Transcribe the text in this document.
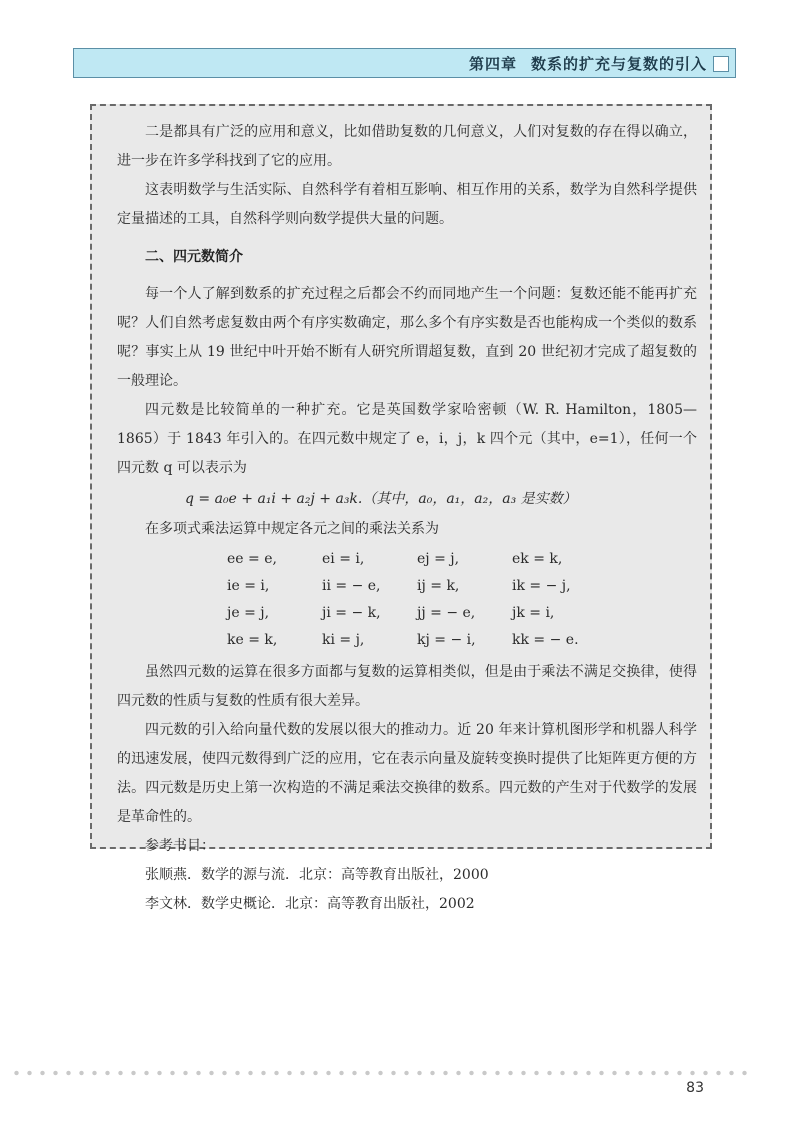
第四章 数系的扩充与复数的引入

二是都具有广泛的应用和意义，比如借助复数的几何意义，人们对复数的存在得以确立，进一步在许多学科找到了它的应用。

这表明数学与生活实际、自然科学有着相互影响、相互作用的关系，数学为自然科学提供定量描述的工具，自然科学则向数学提供大量的问题。

二、四元数简介

每一个人了解到数系的扩充过程之后都会不约而同地产生一个问题：复数还能不能再扩充呢？人们自然考虑复数由两个有序实数确定，那么多个有序实数是否也能构成一个类似的数系呢？事实上从 19 世纪中叶开始不断有人研究所谓超复数，直到 20 世纪初才完成了超复数的一般理论。

四元数是比较简单的一种扩充。它是英国数学家哈密顿（W. R. Hamilton，1805—1865）于 1843 年引入的。在四元数中规定了 e，i，j，k 四个元（其中，e=1），任何一个四元数 q 可以表示为

q = a₀e + a₁i + a₂j + a₃k.（其中，a₀，a₁，a₂，a₃ 是实数）

在多项式乘法运算中规定各元之间的乘法关系为

ee = e,	ei = i,	ej = j,	ek = k,
ie = i,	ii = − e,	ij = k,	ik = − j,
je = j,	ji = − k,	jj = − e,	jk = i,
ke = k,	ki = j,	kj = − i,	kk = − e.

虽然四元数的运算在很多方面都与复数的运算相类似，但是由于乘法不满足交换律，使得四元数的性质与复数的性质有很大差异。

四元数的引入给向量代数的发展以很大的推动力。近 20 年来计算机图形学和机器人科学的迅速发展，使四元数得到广泛的应用，它在表示向量及旋转变换时提供了比矩阵更方便的方法。四元数是历史上第一次构造的不满足乘法交换律的数系。四元数的产生对于代数学的发展是革命性的。

参考书目：

张顺燕．数学的源与流．北京：高等教育出版社，2000

李文林．数学史概论．北京：高等教育出版社，2002

83
